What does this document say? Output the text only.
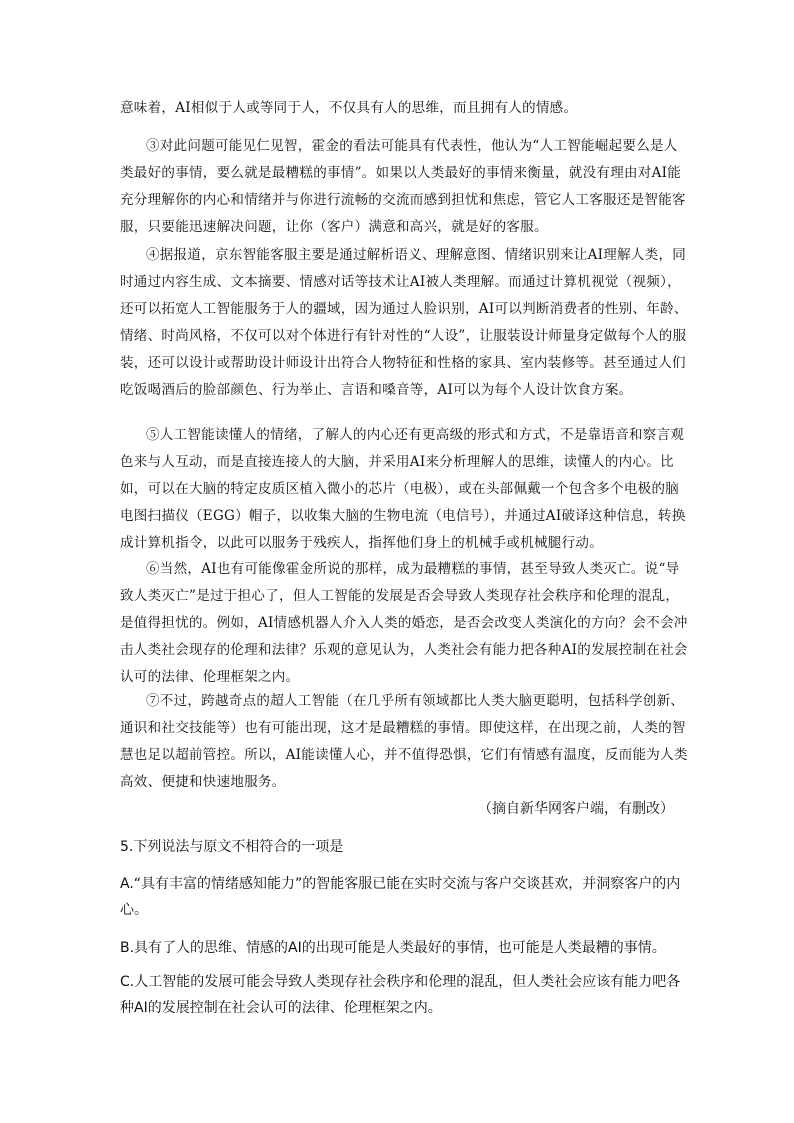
意味着，AI相似于人或等同于人，不仅具有人的思维，而且拥有人的情感。
③对此问题可能见仁见智，霍金的看法可能具有代表性，他认为“人工智能崛起要么是人类最好的事情，要么就是最糟糕的事情”。如果以人类最好的事情来衡量，就没有理由对AI能充分理解你的内心和情绪并与你进行流畅的交流而感到担忧和焦虑，管它人工客服还是智能客服，只要能迅速解决问题，让你（客户）满意和高兴，就是好的客服。
④据报道，京东智能客服主要是通过解析语义、理解意图、情绪识别来让AI理解人类，同时通过内容生成、文本摘要、情感对话等技术让AI被人类理解。而通过计算机视觉（视频），还可以拓宽人工智能服务于人的疆域，因为通过人脸识别，AI可以判断消费者的性别、年龄、情绪、时尚风格，不仅可以对个体进行有针对性的“人设”，让服装设计师量身定做每个人的服装，还可以设计或帮助设计师设计出符合人物特征和性格的家具、室内装修等。甚至通过人们吃饭喝酒后的脸部颜色、行为举止、言语和嗓音等，AI可以为每个人设计饮食方案。
⑤人工智能读懂人的情绪，了解人的内心还有更高级的形式和方式，不是靠语音和察言观色来与人互动，而是直接连接人的大脑，并采用AI来分析理解人的思维，读懂人的内心。比如，可以在大脑的特定皮质区植入微小的芯片（电极），或在头部佩戴一个包含多个电极的脑电图扫描仪（EGG）帽子，以收集大脑的生物电流（电信号），并通过AI破译这种信息，转换成计算机指令，以此可以服务于残疾人，指挥他们身上的机械手或机械腿行动。
⑥当然，AI也有可能像霍金所说的那样，成为最糟糕的事情，甚至导致人类灭亡。说“导致人类灭亡”是过于担心了，但人工智能的发展是否会导致人类现存社会秩序和伦理的混乱，是值得担忧的。例如，AI情感机器人介入人类的婚恋，是否会改变人类演化的方向？会不会冲击人类社会现存的伦理和法律？乐观的意见认为，人类社会有能力把各种AI的发展控制在社会认可的法律、伦理框架之内。
⑦不过，跨越奇点的超人工智能（在几乎所有领域都比人类大脑更聪明，包括科学创新、通识和社交技能等）也有可能出现，这才是最糟糕的事情。即使这样，在出现之前，人类的智慧也足以超前管控。所以，AI能读懂人心，并不值得恐惧，它们有情感有温度，反而能为人类高效、便捷和快速地服务。
（摘自新华网客户端，有删改）
5.下列说法与原文不相符合的一项是
A.“具有丰富的情绪感知能力”的智能客服已能在实时交流与客户交谈甚欢，并洞察客户的内心。
B.具有了人的思维、情感的AI的出现可能是人类最好的事情，也可能是人类最糟的事情。
C.人工智能的发展可能会导致人类现存社会秩序和伦理的混乱，但人类社会应该有能力吧各种AI的发展控制在社会认可的法律、伦理框架之内。
